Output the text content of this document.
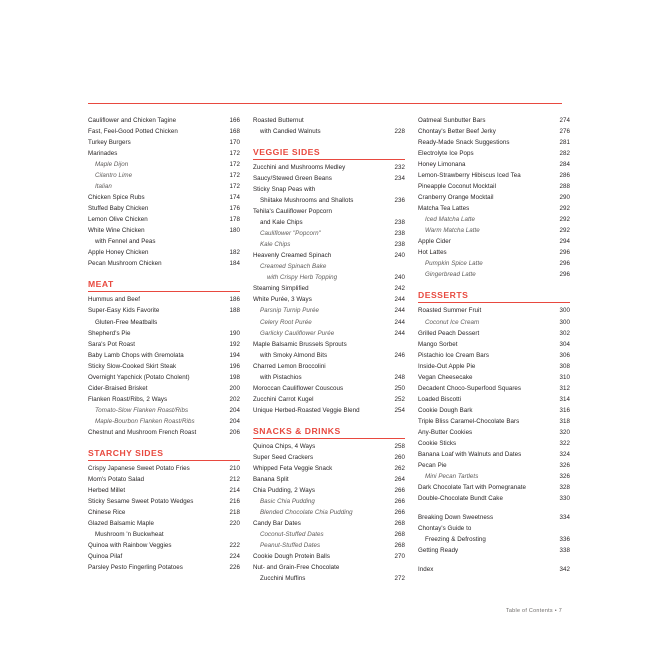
Cauliflower and Chicken Tagine	166
Fast, Feel-Good Potted Chicken	168
Turkey Burgers	170
Marinades	172
Maple Dijon	172
Cilantro Lime	172
Italian	172
Chicken Spice Rubs	174
Stuffed Baby Chicken	176
Lemon Olive Chicken	178
White Wine Chicken	180
with Fennel and Peas
Apple Honey Chicken	182
Pecan Mushroom Chicken	184
MEAT
Hummus and Beef	186
Super-Easy Kids Favorite	188
Gluten-Free Meatballs
Shepherd's Pie	190
Sara's Pot Roast	192
Baby Lamb Chops with Gremolata	194
Sticky Slow-Cooked Skirt Steak	196
Overnight Yapchick (Potato Cholent)	198
Cider-Braised Brisket	200
Flanken Roast/Ribs, 2 Ways	202
Tomato-Slow Flanken Roast/Ribs	204
Maple-Bourbon Flanken Roast/Ribs	204
Chestnut and Mushroom French Roast	206
STARCHY SIDES
Crispy Japanese Sweet Potato Fries	210
Mom's Potato Salad	212
Herbed Millet	214
Sticky Sesame Sweet Potato Wedges	216
Chinese Rice	218
Glazed Balsamic Maple	220
Mushroom 'n Buckwheat
Quinoa with Rainbow Veggies	222
Quinoa Pilaf	224
Parsley Pesto Fingerling Potatoes	226
Roasted Butternut
with Candied Walnuts	228
VEGGIE SIDES
Zucchini and Mushrooms Medley	232
Saucy/Stewed Green Beans	234
Sticky Snap Peas with
Shiitake Mushrooms and Shallots	236
Tehila's Cauliflower Popcorn
and Kale Chips	238
Cauliflower "Popcorn"	238
Kale Chips	238
Heavenly Creamed Spinach	240
Creamed Spinach Bake
with Crispy Herb Topping	240
Steaming Simplified	242
White Purée, 3 Ways	244
Parsnip Turnip Purée	244
Celery Root Purée	244
Garlicky Cauliflower Purée	244
Maple Balsamic Brussels Sprouts
with Smoky Almond Bits	246
Charred Lemon Broccolini
with Pistachios	248
Moroccan Cauliflower Couscous	250
Zucchini Carrot Kugel	252
Unique Herbed-Roasted Veggie Blend	254
SNACKS & DRINKS
Quinoa Chips, 4 Ways	258
Super Seed Crackers	260
Whipped Feta Veggie Snack	262
Banana Split	264
Chia Pudding, 2 Ways	266
Basic Chia Pudding	266
Blended Chocolate Chia Pudding	266
Candy Bar Dates	268
Coconut-Stuffed Dates	268
Peanut-Stuffed Dates	268
Cookie Dough Protein Balls	270
Nut- and Grain-Free Chocolate
Zucchini Muffins	272
Oatmeal Sunbutter Bars	274
Chontay's Better Beef Jerky	276
Ready-Made Snack Suggestions	281
Electrolyte Ice Pops	282
Honey Limonana	284
Lemon-Strawberry Hibiscus Iced Tea	286
Pineapple Coconut Mocktail	288
Cranberry Orange Mocktail	290
Matcha Tea Lattes	292
Iced Matcha Latte	292
Warm Matcha Latte	292
Apple Cider	294
Hot Lattes	296
Pumpkin Spice Latte	296
Gingerbread Latte	296
DESSERTS
Roasted Summer Fruit	300
Coconut Ice Cream	300
Grilled Peach Dessert	302
Mango Sorbet	304
Pistachio Ice Cream Bars	306
Inside-Out Apple Pie	308
Vegan Cheesecake	310
Decadent Choco-Superfood Squares	312
Loaded Biscotti	314
Cookie Dough Bark	316
Triple Bliss Caramel-Chocolate Bars	318
Any-Butter Cookies	320
Cookie Sticks	322
Banana Loaf with Walnuts and Dates	324
Pecan Pie	326
Mini Pecan Tartlets	326
Dark Chocolate Tart with Pomegranate	328
Double-Chocolate Bundt Cake	330
Breaking Down Sweetness	334
Chontay's Guide to
Freezing & Defrosting	336
Getting Ready	338
Index	342
Table of Contents • 7
